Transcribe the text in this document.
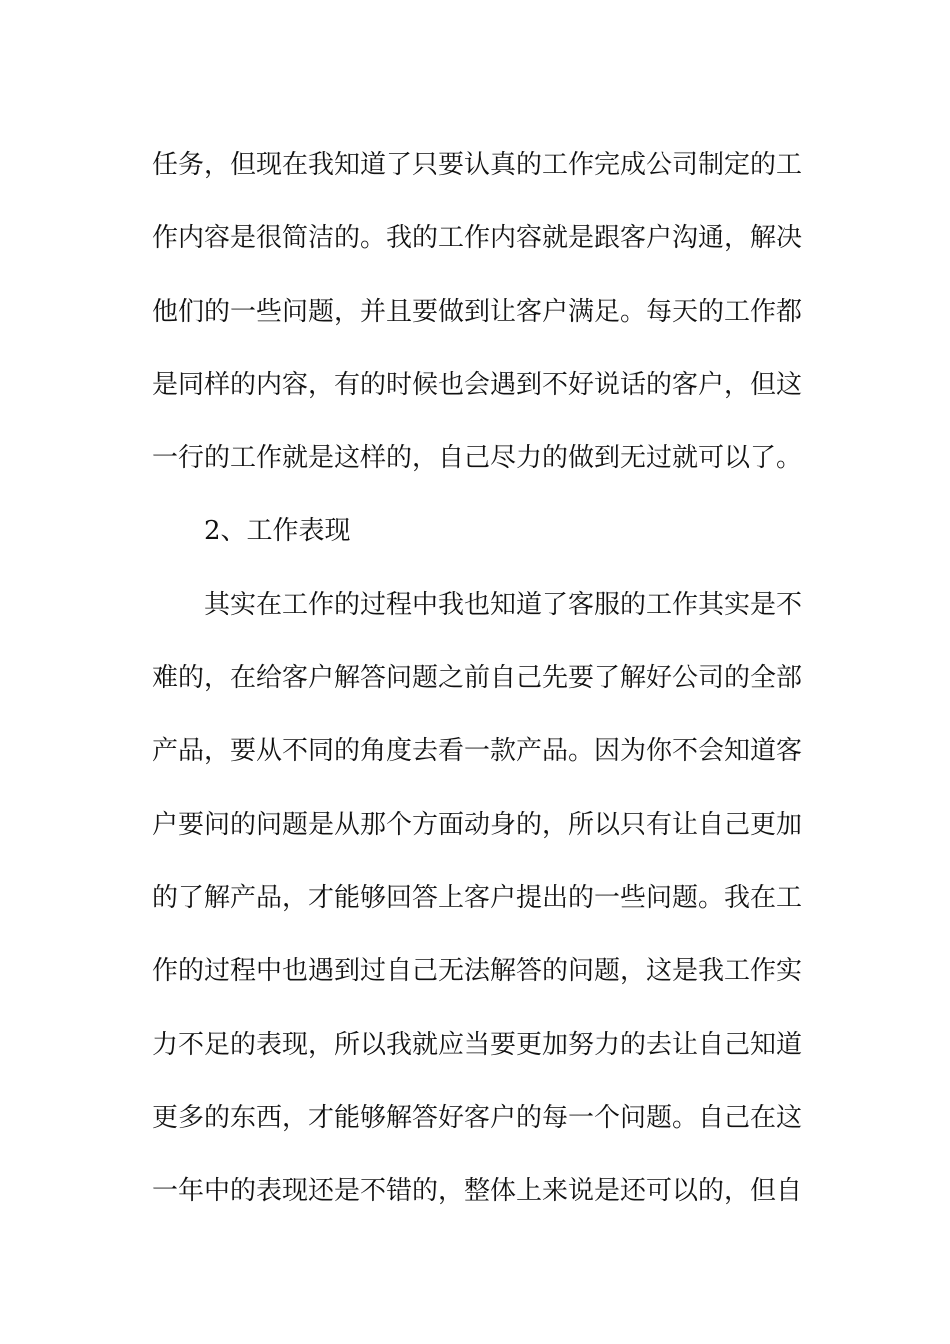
任务，但现在我知道了只要认真的工作完成公司制定的工
作内容是很简洁的。我的工作内容就是跟客户沟通，解决
他们的一些问题，并且要做到让客户满足。每天的工作都
是同样的内容，有的时候也会遇到不好说话的客户，但这
一行的工作就是这样的，自己尽力的做到无过就可以了。
2、工作表现
其实在工作的过程中我也知道了客服的工作其实是不
难的，在给客户解答问题之前自己先要了解好公司的全部
产品，要从不同的角度去看一款产品。因为你不会知道客
户要问的问题是从那个方面动身的，所以只有让自己更加
的了解产品，才能够回答上客户提出的一些问题。我在工
作的过程中也遇到过自己无法解答的问题，这是我工作实
力不足的表现，所以我就应当要更加努力的去让自己知道
更多的东西，才能够解答好客户的每一个问题。自己在这
一年中的表现还是不错的，整体上来说是还可以的，但自
